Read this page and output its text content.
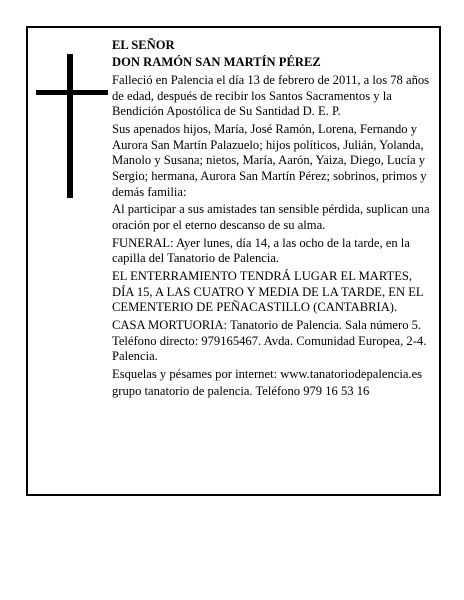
EL SEÑOR

DON RAMÓN SAN MARTÍN PÉREZ

Falleció en Palencia el día 13 de febrero de 2011, a los 78 años de edad, después de recibir los Santos Sacramentos y la Bendición Apostólica de Su Santidad D. E. P.

Sus apenados hijos, María, José Ramón, Lorena, Fernando y Aurora San Martín Palazuelo; hijos políticos, Julián, Yolanda, Manolo y Susana; nietos, María, Aarón, Yaiza, Diego, Lucía y Sergio; hermana, Aurora San Martín Pérez; sobrinos, primos y demás familia:

Al participar a sus amistades tan sensible pérdida, suplican una oración por el eterno descanso de su alma.

FUNERAL: Ayer lunes, día 14, a las ocho de la tarde, en la capilla del Tanatorio de Palencia.

EL ENTERRAMIENTO TENDRÁ LUGAR EL MARTES, DÍA 15, A LAS CUATRO Y MEDIA DE LA TARDE, EN EL CEMENTERIO DE PEÑACASTILLO (CANTABRIA).

CASA MORTUORIA: Tanatorio de Palencia. Sala número 5. Teléfono directo: 979165467. Avda. Comunidad Europea, 2-4. Palencia.

Esquelas y pésames por internet: www.tanatoriodepalencia.es

grupo tanatorio de palencia. Teléfono 979 16 53 16
